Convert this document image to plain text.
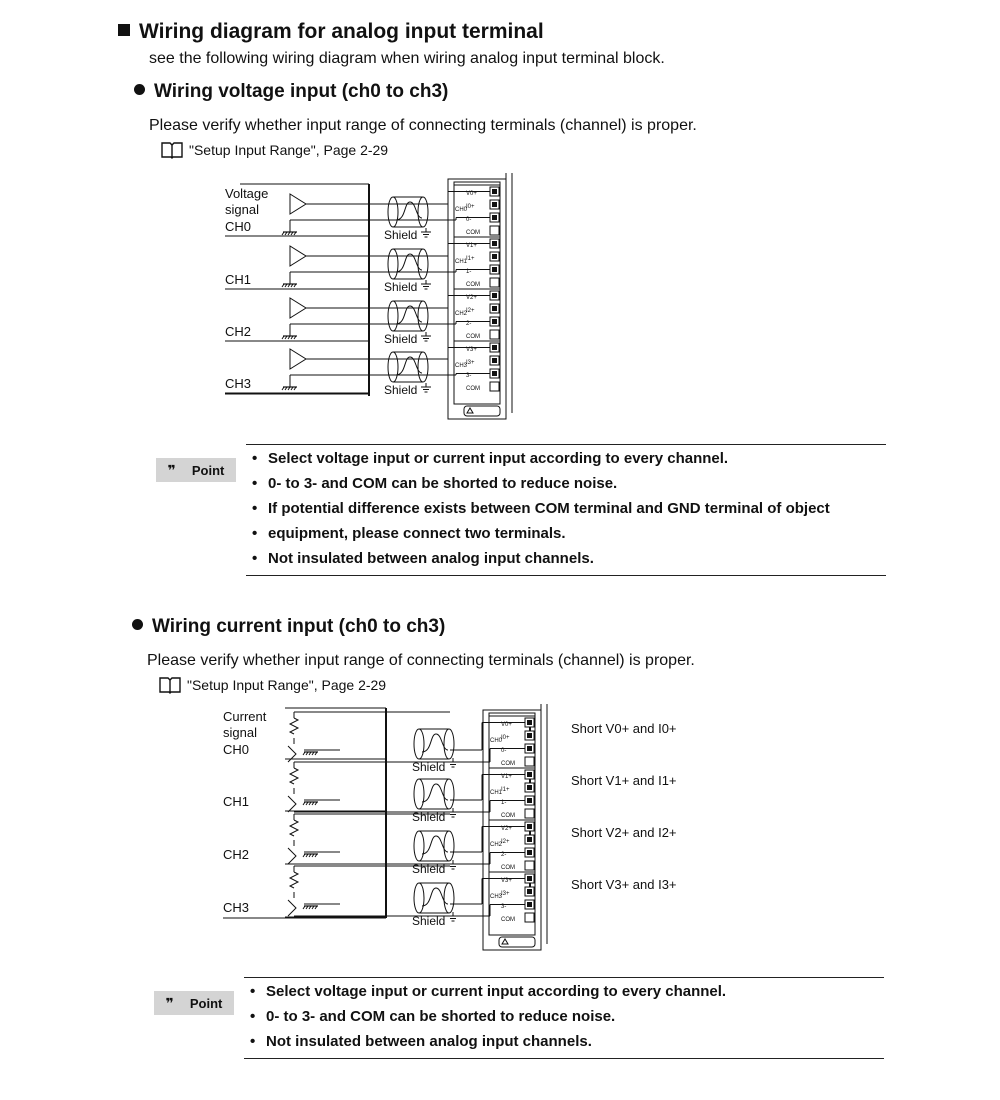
Wiring diagram for analog input terminal
see the following wiring diagram when wiring analog input terminal block.
Wiring voltage input (ch0 to ch3)
Please verify whether input range of connecting terminals (channel) is proper.
"Setup Input Range", Page 2-29
Voltage
signal
CH0
Shield
CH1	Shield
CH2	Shield
CH3	Shield
CH0
V0+
I0+
0-
COM
CH1
V1+
I1+
1-
COM
CH2
V2+
I2+
2-
COM
CH3
V3+
I3+
3-
COM
❞ Point
• Select voltage input or current input according to every channel.
• 0- to 3- and COM can be shorted to reduce noise.
• If potential difference exists between COM terminal and GND terminal of object
• equipment, please connect two terminals.
• Not insulated between analog input channels.
Wiring current input (ch0 to ch3)
Please verify whether input range of connecting terminals (channel) is proper.
"Setup Input Range", Page 2-29
Current
signal
CH0
Shield
Short V0+ and I0+
CH1
Shield
Short V1+ and I1+
CH2
Shield
Short V2+ and I2+
CH3
Shield
Short V3+ and I3+
CH0
V0+
I0+
0-
COM
CH1
V1+
I1+
1-
COM
CH2
V2+
I2+
2-
COM
CH3
V3+
I3+
3-
COM
❞ Point
• Select voltage input or current input according to every channel.
• 0- to 3- and COM can be shorted to reduce noise.
• Not insulated between analog input channels.
